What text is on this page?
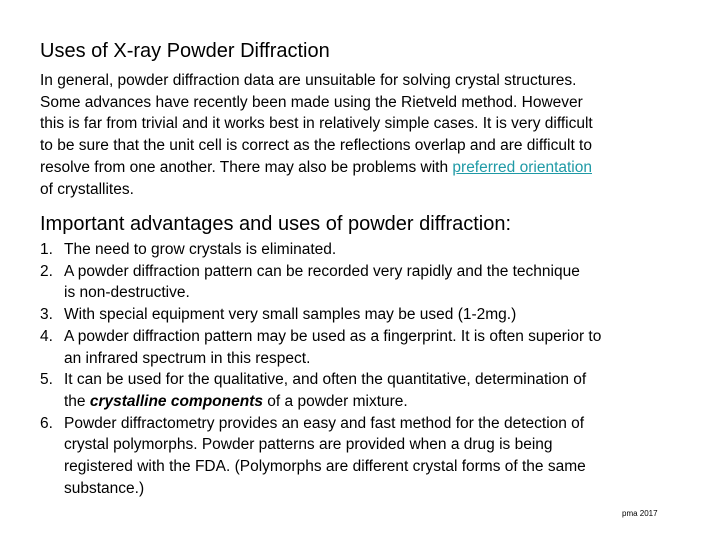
Uses of X-ray Powder Diffraction
In general, powder diffraction data are unsuitable for solving crystal structures.
Some advances have recently been made using the Rietveld method. However
this is far from trivial and it works best in relatively simple cases. It is very difficult
to be sure that the unit cell is correct as the reflections overlap and are difficult to
resolve from one another. There may also be problems with preferred orientation
of crystallites.
Important advantages and uses of powder diffraction:
1. The need to grow crystals is eliminated.
2. A powder diffraction pattern can be recorded very rapidly and the technique
is non-destructive.
3. With special equipment very small samples may be used (1-2mg.)
4. A powder diffraction pattern may be used as a fingerprint. It is often superior to
an infrared spectrum in this respect.
5. It can be used for the qualitative, and often the quantitative, determination of
the crystalline components of a powder mixture.
6. Powder diffractometry provides an easy and fast method for the detection of
crystal polymorphs. Powder patterns are provided when a drug is being
registered with the FDA. (Polymorphs are different crystal forms of the same
substance.)
pma 2017
